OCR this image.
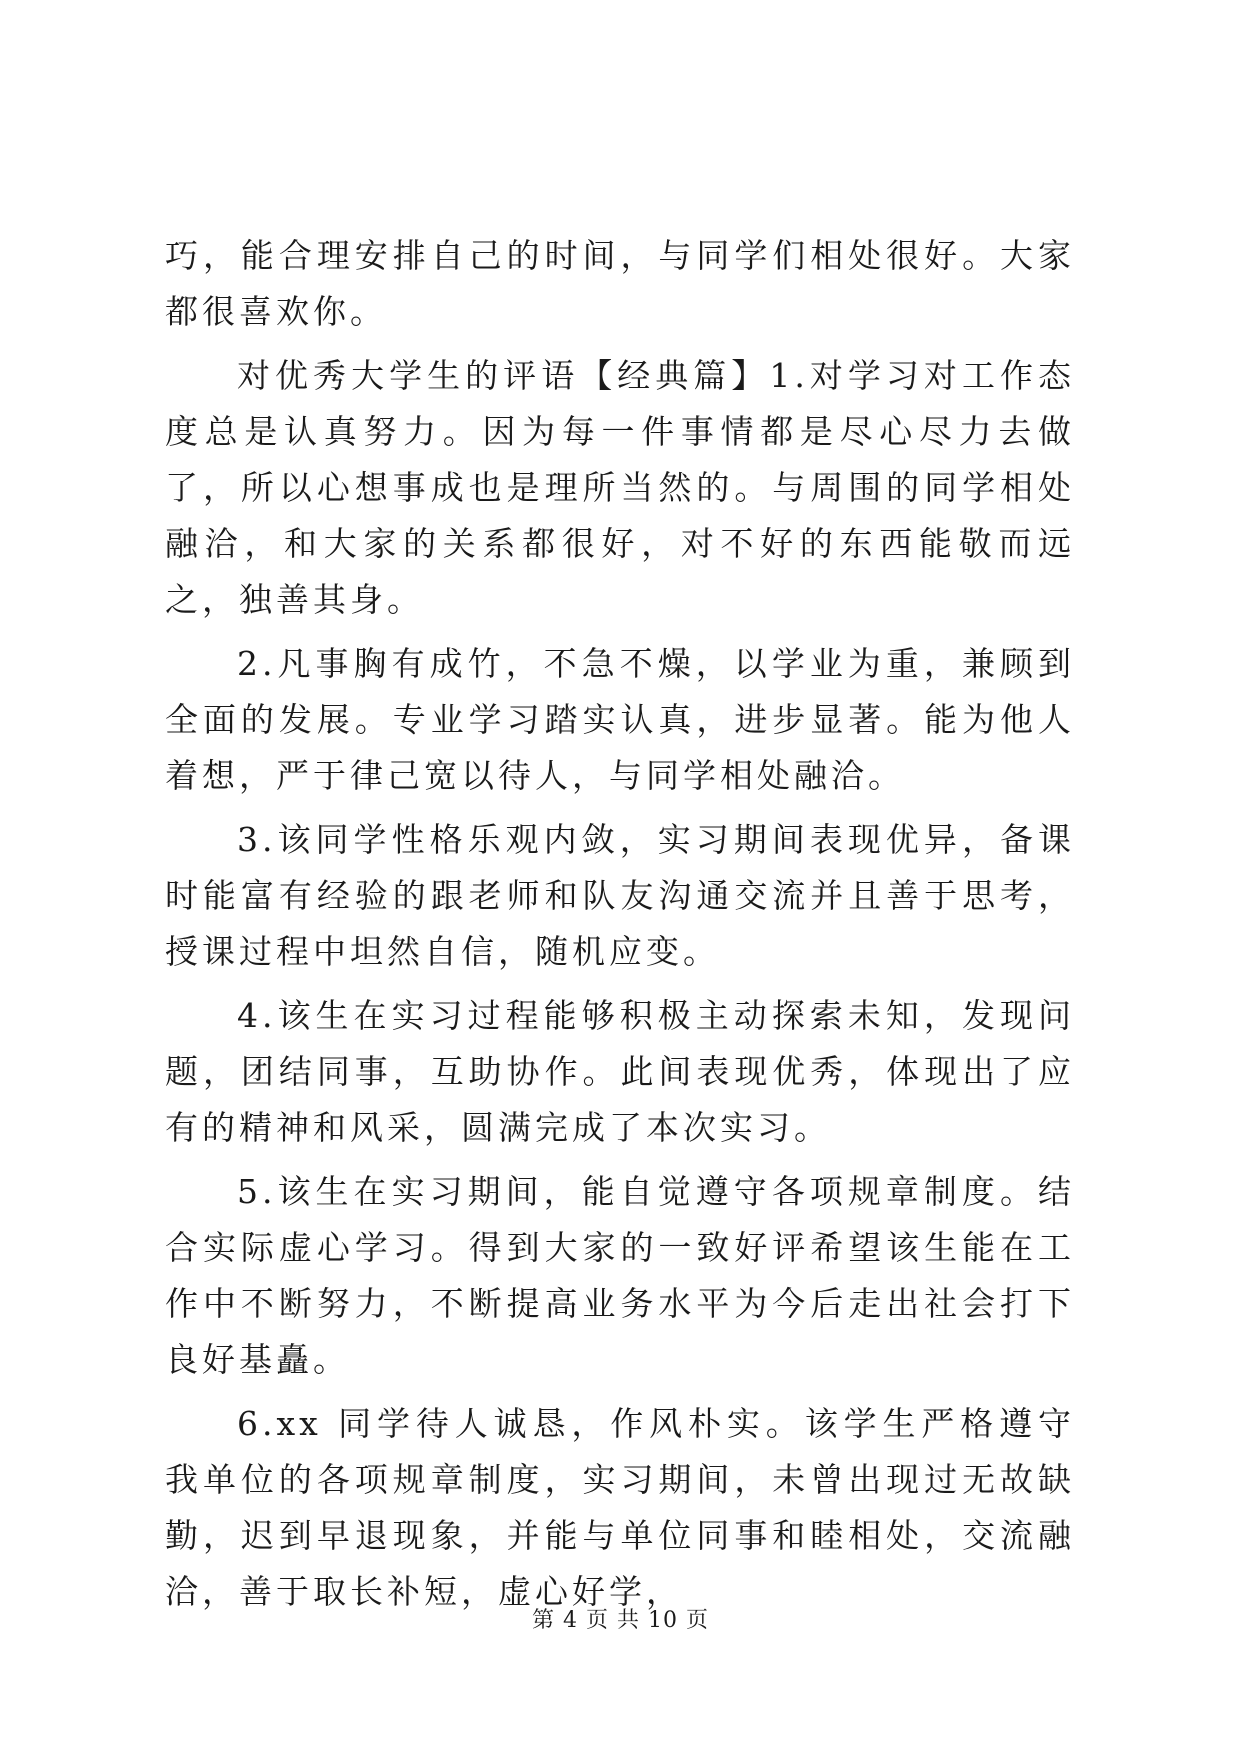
巧，能合理安排自己的时间，与同学们相处很好。大家都很喜欢你。

对优秀大学生的评语【经典篇】1.对学习对工作态度总是认真努力。因为每一件事情都是尽心尽力去做了，所以心想事成也是理所当然的。与周围的同学相处融洽，和大家的关系都很好，对不好的东西能敬而远之，独善其身。

2.凡事胸有成竹，不急不燥，以学业为重，兼顾到全面的发展。专业学习踏实认真，进步显著。能为他人着想，严于律己宽以待人，与同学相处融洽。

3.该同学性格乐观内敛，实习期间表现优异，备课时能富有经验的跟老师和队友沟通交流并且善于思考，授课过程中坦然自信，随机应变。

4.该生在实习过程能够积极主动探索未知，发现问题，团结同事，互助协作。此间表现优秀，体现出了应有的精神和风采，圆满完成了本次实习。

5.该生在实习期间，能自觉遵守各项规章制度。结合实际虚心学习。得到大家的一致好评希望该生能在工作中不断努力，不断提高业务水平为今后走出社会打下良好基矗。

6.xx 同学待人诚恳，作风朴实。该学生严格遵守我单位的各项规章制度，实习期间，未曾出现过无故缺勤，迟到早退现象，并能与单位同事和睦相处，交流融洽，善于取长补短，虚心好学，

第 4 页 共 10 页
